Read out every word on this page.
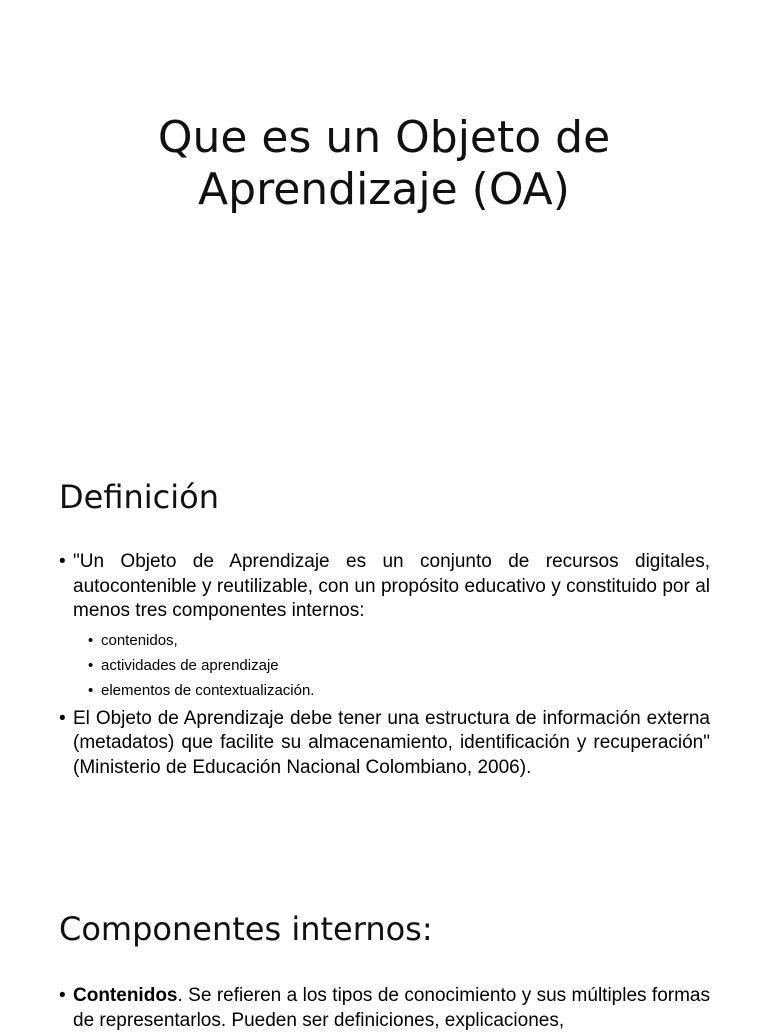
Que es un Objeto de
Aprendizaje (OA)
Definición
• "Un Objeto de Aprendizaje es un conjunto de recursos digitales, autocontenible y reutilizable, con un propósito educativo y constituido por al menos tres componentes internos:
• contenidos,
• actividades de aprendizaje
• elementos de contextualización.
• El Objeto de Aprendizaje debe tener una estructura de información externa (metadatos) que facilite su almacenamiento, identificación y recuperación" (Ministerio de Educación Nacional Colombiano, 2006).
Componentes internos:
• Contenidos. Se refieren a los tipos de conocimiento y sus múltiples formas de representarlos. Pueden ser definiciones, explicaciones,
